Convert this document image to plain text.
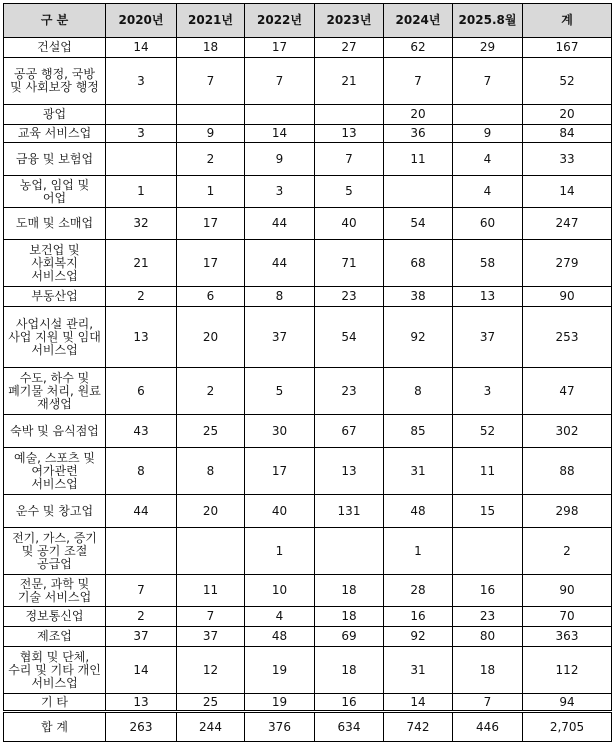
구 분	2020년	2021년	2022년	2023년	2024년	2025.8월	계
건설업	14	18	17	27	62	29	167
공공 행정, 국방 및 사회보장 행정	3	7	7	21	7	7	52
광업					20		20
교육 서비스업	3	9	14	13	36	9	84
금융 및 보험업		2	9	7	11	4	33
농업, 임업 및 어업	1	1	3	5		4	14
도매 및 소매업	32	17	44	40	54	60	247
보건업 및 사회복지 서비스업	21	17	44	71	68	58	279
부동산업	2	6	8	23	38	13	90
사업시설 관리, 사업 지원 및 임대 서비스업	13	20	37	54	92	37	253
수도, 하수 및 폐기물 처리, 원료 재생업	6	2	5	23	8	3	47
숙박 및 음식점업	43	25	30	67	85	52	302
예술, 스포츠 및 여가관련 서비스업	8	8	17	13	31	11	88
운수 및 창고업	44	20	40	131	48	15	298
전기, 가스, 증기 및 공기 조절 공급업			1		1		2
전문, 과학 및 기술 서비스업	7	11	10	18	28	16	90
정보통신업	2	7	4	18	16	23	70
제조업	37	37	48	69	92	80	363
협회 및 단체, 수리 및 기타 개인 서비스업	14	12	19	18	31	18	112
기 타	13	25	19	16	14	7	94
합 계	263	244	376	634	742	446	2,705
